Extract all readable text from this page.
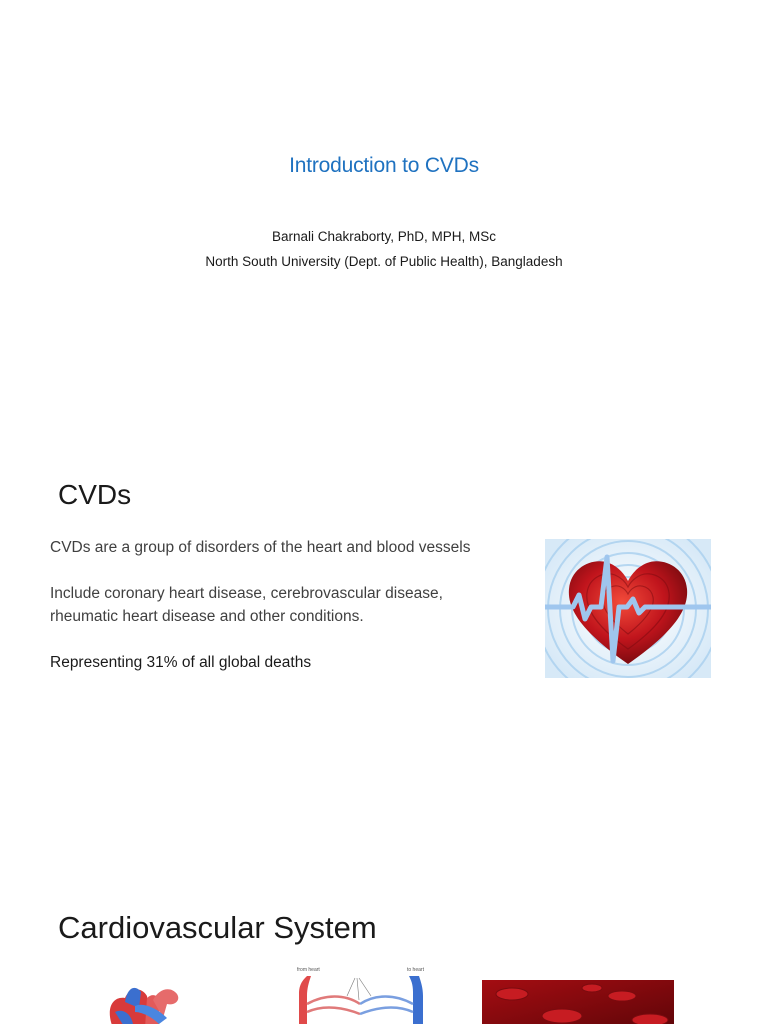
Introduction to CVDs
Barnali Chakraborty, PhD, MPH, MSc
North South University (Dept. of Public Health), Bangladesh
CVDs
CVDs are a group of disorders of the heart and blood vessels
Include coronary heart disease, cerebrovascular disease, rheumatic heart disease and other conditions.
Representing 31% of all global deaths
Cardiovascular System
from heart	to heart
